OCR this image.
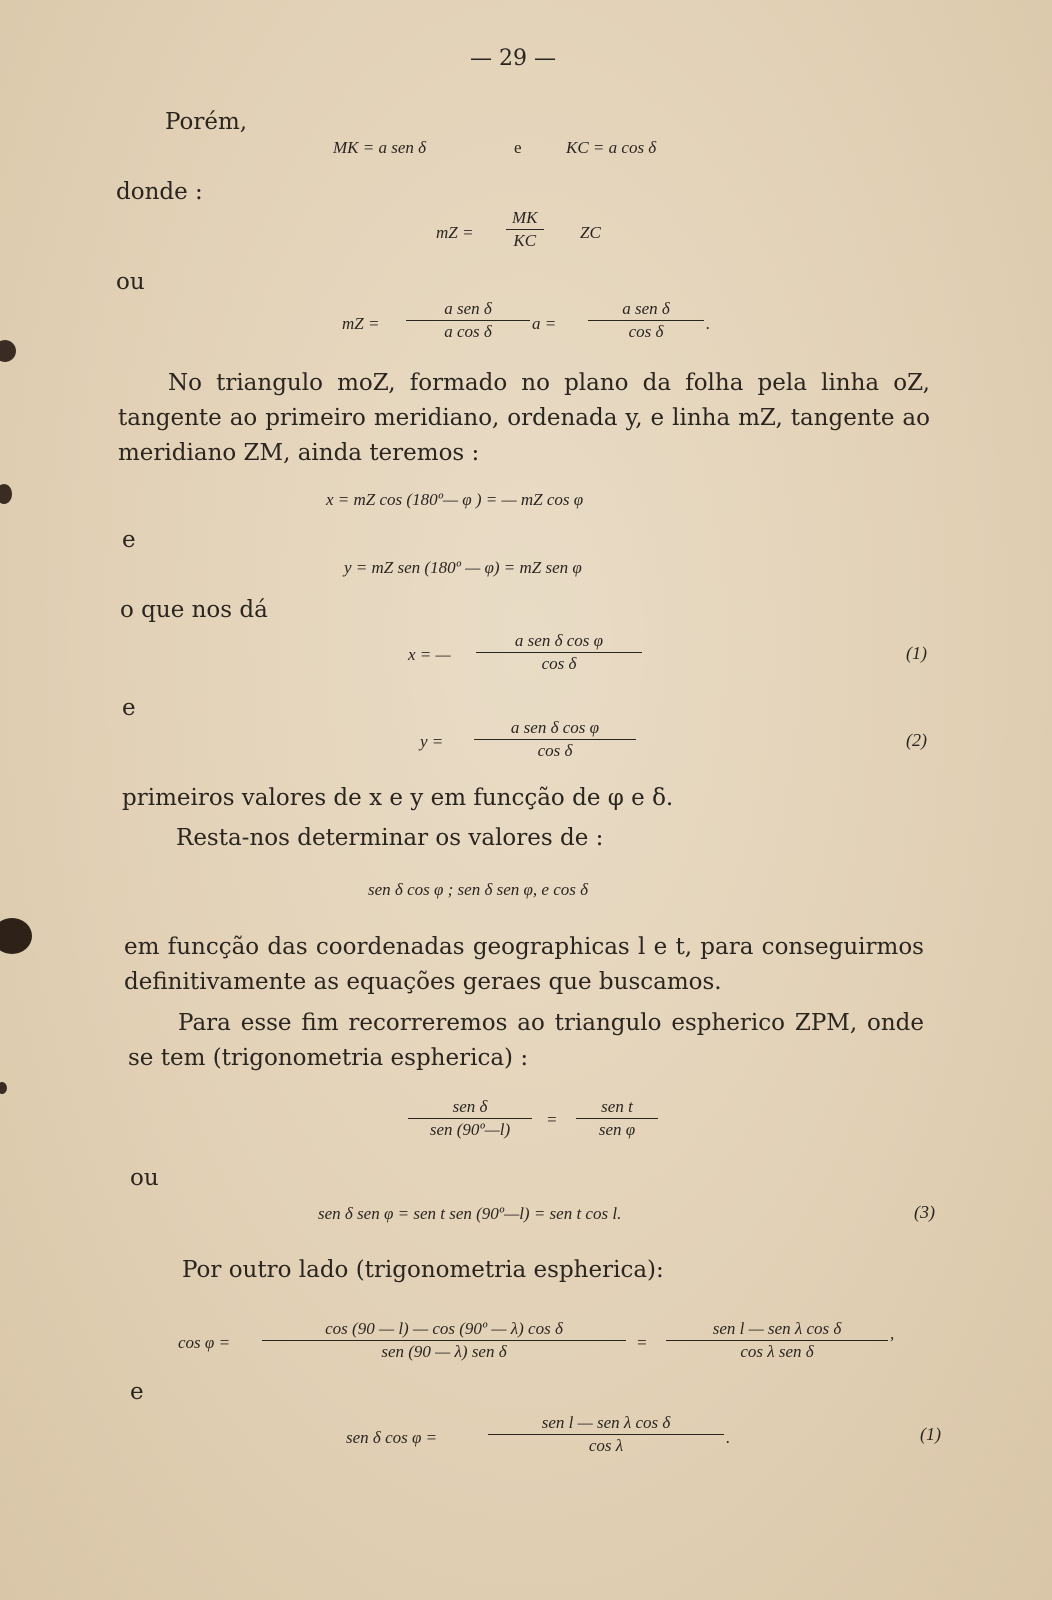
— 29 —
Porém,
MK = a sen δ	e	KC = a cos δ
donde :
mZ =
MK
KC	ZC
ou
mZ =
a sen δ
a cos δ	a =
a sen δ
cos δ	.

No triangulo moZ, formado no plano da folha pela linha oZ, tangente ao primeiro meridiano, ordenada y, e linha mZ, tangente ao meridiano ZM, ainda teremos :

x = mZ cos (180º— φ ) = — mZ cos φ
e
y = mZ sen (180º — φ) = mZ sen φ
o que nos dá
x = —
a sen δ cos φ
cos δ
(1)
e
y =
a sen δ cos φ
cos δ
(2)
primeiros valores de x e y em funcção de φ e δ.
Resta-nos determinar os valores de :
sen δ cos φ ; sen δ sen φ, e cos δ

em funcção das coordenadas geographicas l e t, para conseguirmos definitivamente as equações geraes que buscamos.

Para esse fim recorreremos ao triangulo espherico ZPM, onde se tem (trigonometria espherica) :

sen δ
sen (90º—l)
=
sen t
sen φ
ou
sen δ sen φ = sen t sen (90º—l) = sen t cos l.	(3)
Por outro lado (trigonometria espherica):
cos φ =
cos (90 — l) — cos (90º — λ) cos δ
sen (90 — λ) sen δ	=
sen l — sen λ cos δ
cos λ sen δ
,
e
sen δ cos φ =
sen l — sen λ cos δ
cos λ	.	(1)
